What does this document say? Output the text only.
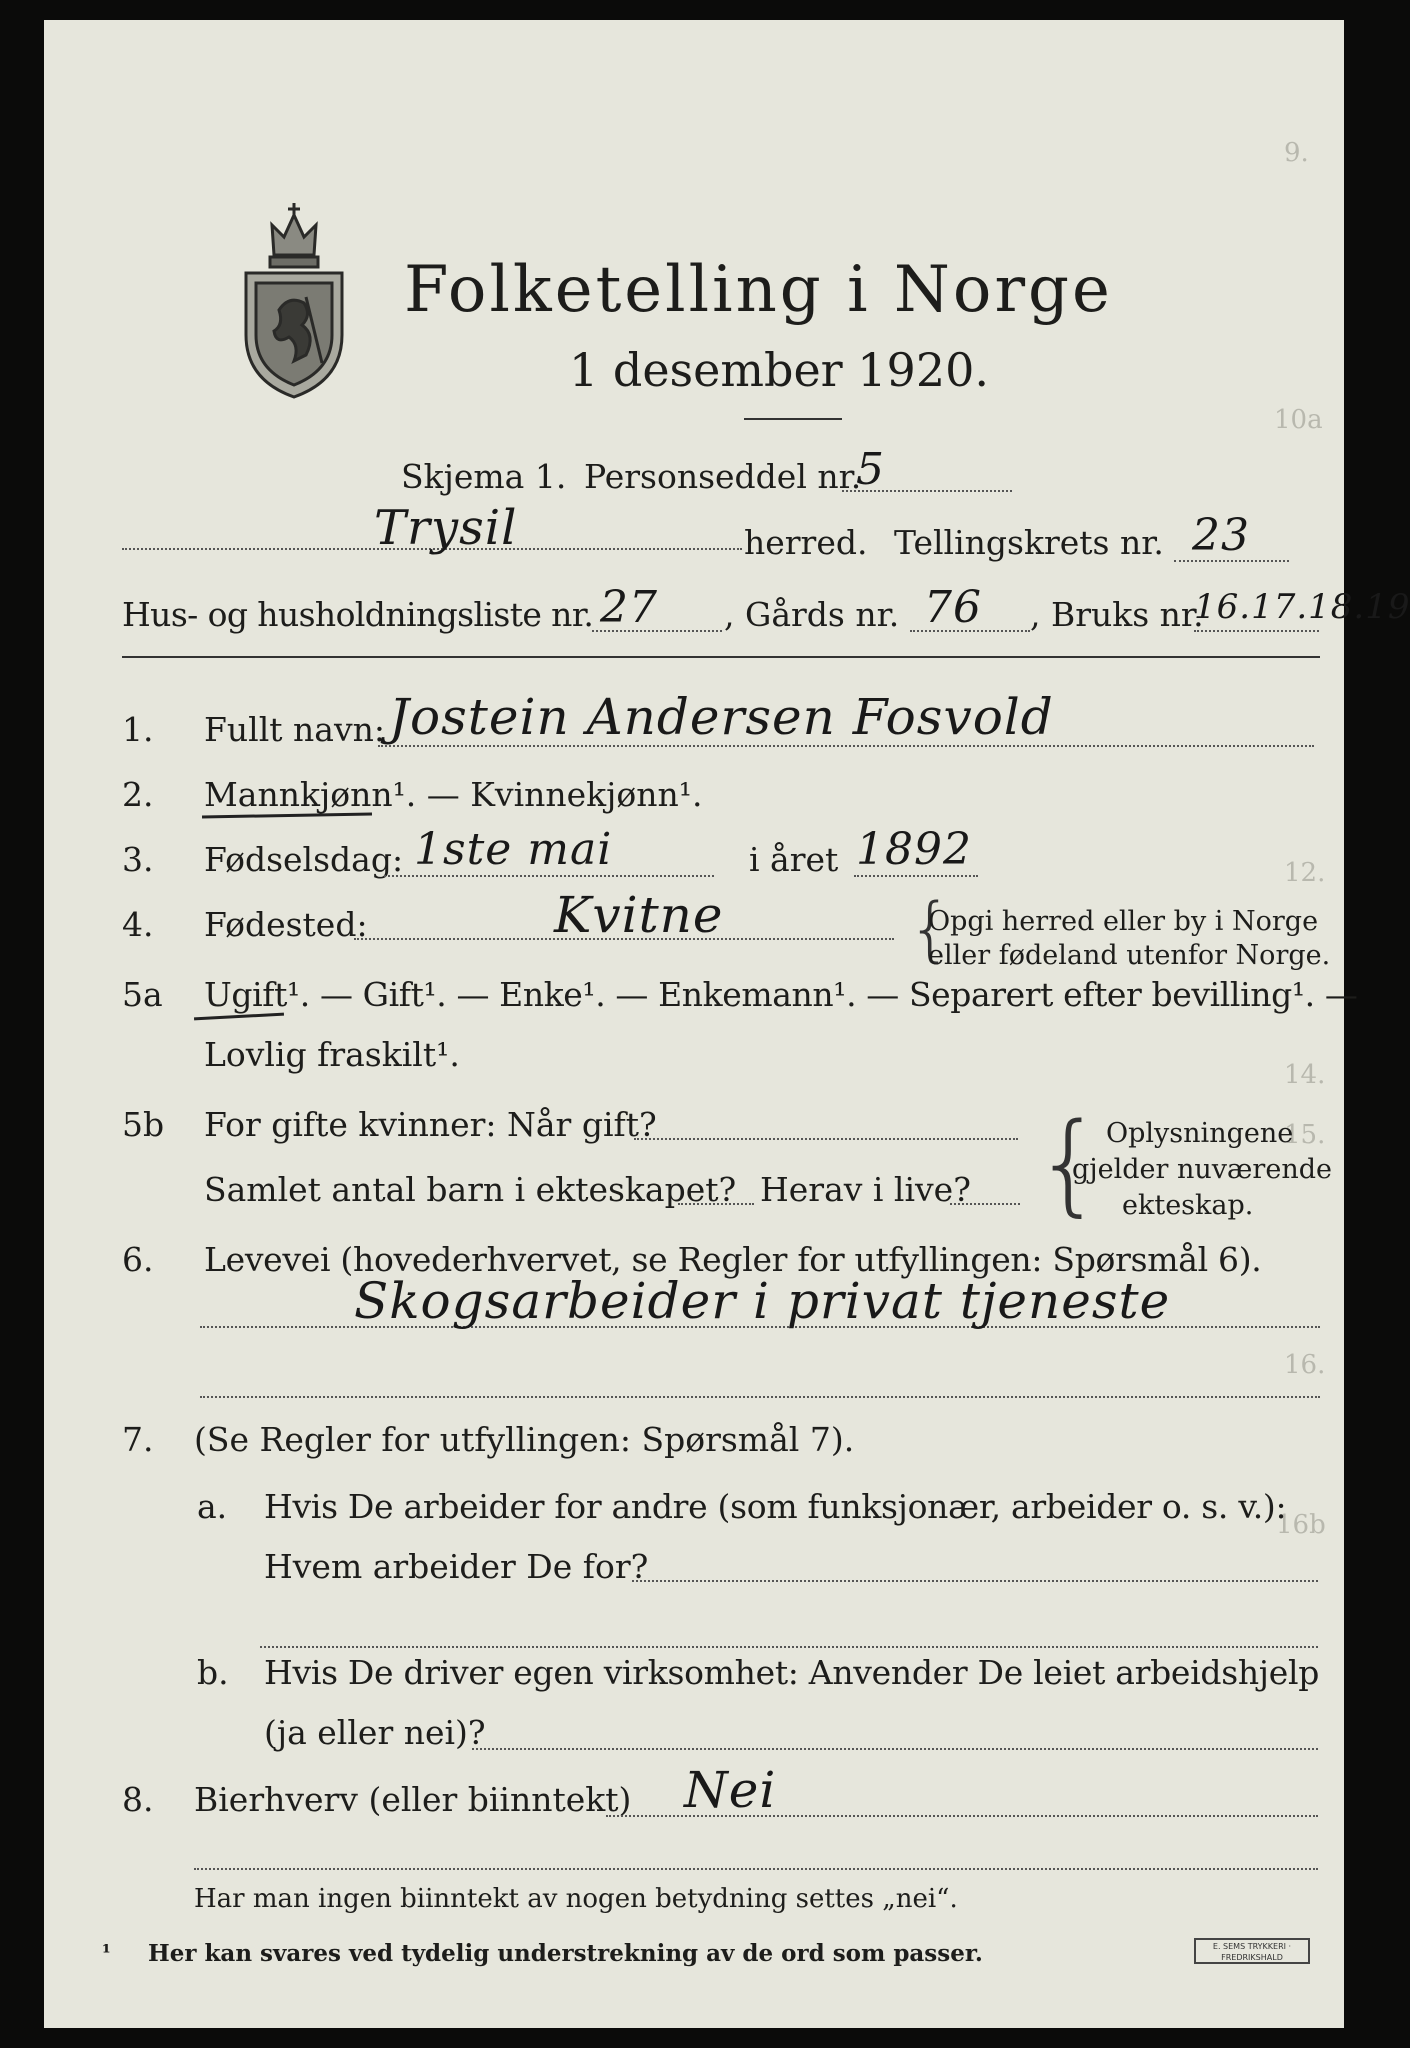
9.
10a
12.
14.
15.
16.
16b
Folketelling i Norge
1 desember 1920.
Skjema 1. Personseddel nr.
5
Trysil	herred. Tellingskrets nr. 23
Hus- og husholdningsliste nr. 27 , Gårds nr. 76 , Bruks nr.
16.17.18.19
1. Fullt navn: Jostein Andersen Fosvold
2. Mannkjønn¹. — Kvinnekjønn¹.
3. Fødselsdag: 1ste mai	i året 1892
4. Fødested:	Kvitne	{
Opgi herred eller by i Norge
eller fødeland utenfor Norge.
5a Ugift¹. — Gift¹. — Enke¹. — Enkemann¹. — Separert efter bevilling¹. —
Lovlig fraskilt¹.
5b For gifte kvinner: Når gift?
Samlet antal barn i ekteskapet? Herav i live? { Oplysningene
gjelder nuværende
ekteskap.
6. Levevei (hovederhvervet, se Regler for utfyllingen: Spørsmål 6).
Skogsarbeider i privat tjeneste
7. (Se Regler for utfyllingen: Spørsmål 7).
a. Hvis De arbeider for andre (som funksjonær, arbeider o. s. v.):
Hvem arbeider De for?
b. Hvis De driver egen virksomhet: Anvender De leiet arbeidshjelp
(ja eller nei)?
8. Bierhverv (eller biinntekt) Nei
Har man ingen biinntekt av nogen betydning settes „nei“.
¹ Her kan svares ved tydelig understrekning av de ord som passer.	E. SEMS TRYKKERI · FREDRIKSHALD
